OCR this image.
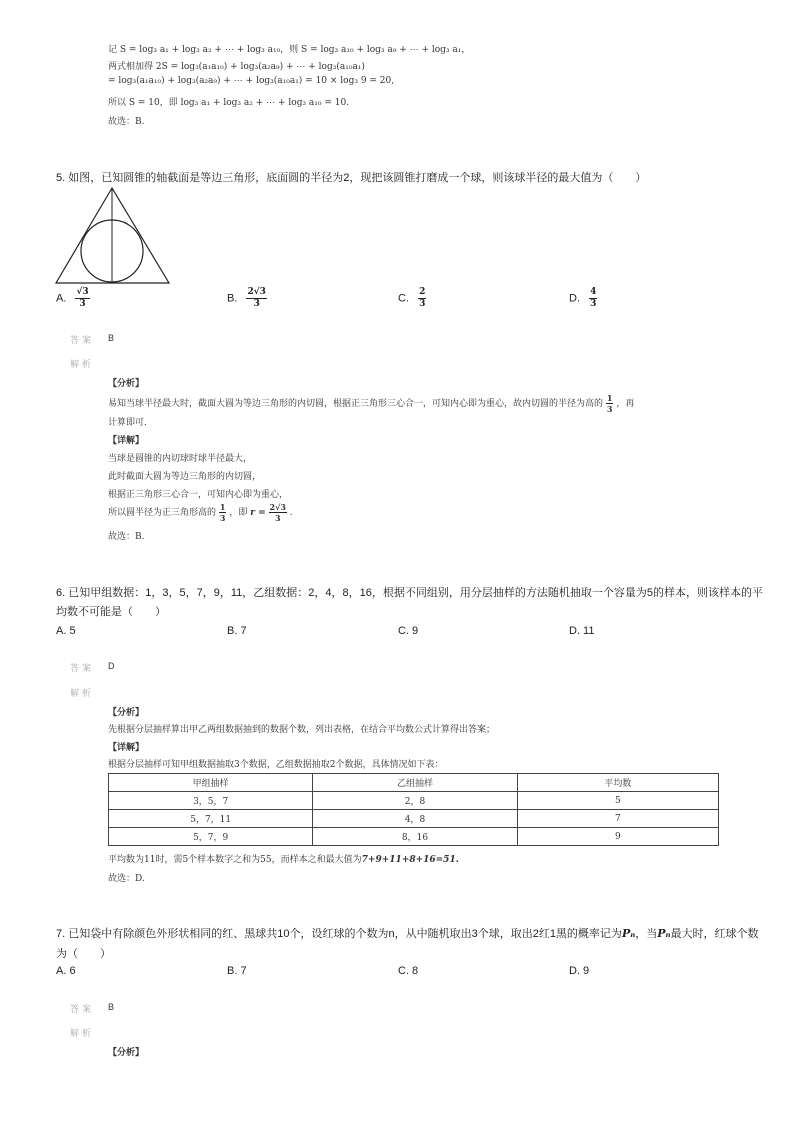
记 S = log₃ a₁ + log₃ a₂ + ⋯ + log₃ a₁₀，则 S = log₃ a₁₀ + log₃ a₉ + ⋯ + log₃ a₁，
两式相加得 2S = log₃(a₁a₁₀) + log₃(a₂a₉) + ⋯ + log₃(a₁₀a₁)
= log₃(a₁a₁₀) + log₃(a₂a₉) + ⋯ + log₃(a₁₀a₁) = 10 × log₃ 9 = 20,
所以 S = 10，即 log₃ a₁ + log₃ a₂ + ⋯ + log₃ a₁₀ = 10.
故选：B.
5. 如图，已知圆锥的轴截面是等边三角形，底面圆的半径为2，现把该圆锥打磨成一个球，则该球半径的最大值为（　　）
A. $\frac{√3}{3}$	B. $\frac{2√3}{3}$	C. $\frac{2}{3}$	D. $\frac{4}{3}$
答案 B
解析
【分析】
易知当球半径最大时，截面大圆为等边三角形的内切圆，根据正三角形三心合一，可知内心即为重心，故内切圆的半径为高的 $\frac{1}{3}$ ，再
计算即可.
【详解】
当球是圆锥的内切球时球半径最大，
此时截面大圆为等边三角形的内切圆，
根据正三角形三心合一，可知内心即为重心，
所以圆半径为正三角形高的 $\frac{1}{3}$ ，即 $r = \frac{2√3}{3}$ .
故选：B.
6. 已知甲组数据：1，3，5，7，9，11，乙组数据：2，4，8，16，根据不同组别，用分层抽样的方法随机抽取一个容量为5的样本，则该样本的平
均数不可能是（　　）
A. 5	B. 7	C. 9	D. 11
答案 D
解析
【分析】
先根据分层抽样算出甲乙两组数据抽到的数据个数，列出表格，在结合平均数公式计算得出答案；
【详解】
根据分层抽样可知甲组数据抽取3个数据，乙组数据抽取2个数据，具体情况如下表：
甲组抽样	乙组抽样	平均数
3，5，7	2，8	5
5，7，11	4，8	7
5，7，9	8，16	9
平均数为11时，需5个样本数字之和为55，而样本之和最大值为7+9+11+8+16=51.
故选：D.
7. 已知袋中有除颜色外形状相同的红、黑球共10个，设红球的个数为n，从中随机取出3个球，取出2红1黑的概率记为Pₙ，当Pₙ最大时，红球个数
为（　　）
A. 6	B. 7	C. 8	D. 9
答案 B
解析
【分析】
